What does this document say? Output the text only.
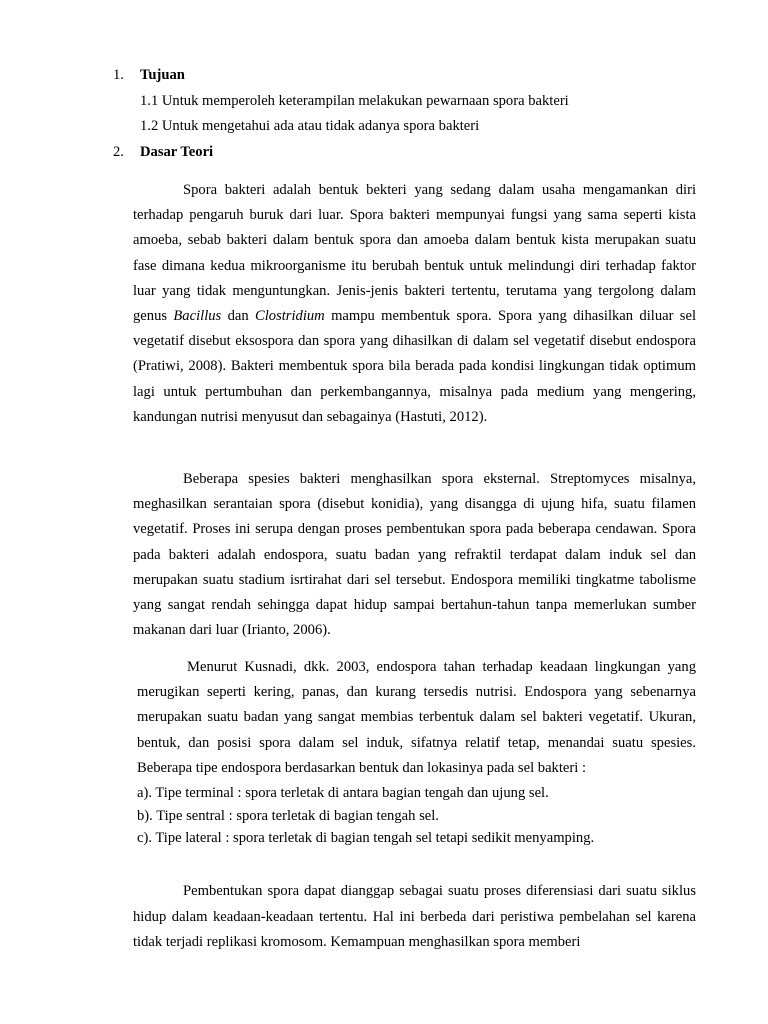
1. Tujuan
1.1 Untuk memperoleh keterampilan melakukan pewarnaan spora bakteri
1.2 Untuk mengetahui ada atau tidak adanya spora bakteri
2. Dasar Teori

Spora bakteri adalah bentuk bekteri yang sedang dalam usaha mengamankan diri terhadap pengaruh buruk dari luar. Spora bakteri mempunyai fungsi yang sama seperti kista amoeba, sebab bakteri dalam bentuk spora dan amoeba dalam bentuk kista merupakan suatu fase dimana kedua mikroorganisme itu berubah bentuk untuk melindungi diri terhadap faktor luar yang tidak menguntungkan. Jenis-jenis bakteri tertentu, terutama yang tergolong dalam genus Bacillus dan Clostridium mampu membentuk spora. Spora yang dihasilkan diluar sel vegetatif disebut eksospora dan spora yang dihasilkan di dalam sel vegetatif disebut endospora (Pratiwi, 2008). Bakteri membentuk spora bila berada pada kondisi lingkungan tidak optimum lagi untuk pertumbuhan dan perkembangannya, misalnya pada medium yang mengering, kandungan nutrisi menyusut dan sebagainya (Hastuti, 2012).

Beberapa spesies bakteri menghasilkan spora eksternal. Streptomyces misalnya, meghasilkan serantaian spora (disebut konidia), yang disangga di ujung hifa, suatu filamen vegetatif. Proses ini serupa dengan proses pembentukan spora pada beberapa cendawan. Spora pada bakteri adalah endospora, suatu badan yang refraktil terdapat dalam induk sel dan merupakan suatu stadium isrtirahat dari sel tersebut. Endospora memiliki tingkatme tabolisme yang sangat rendah sehingga dapat hidup sampai bertahun-tahun tanpa memerlukan sumber makanan dari luar (Irianto, 2006).

Menurut Kusnadi, dkk. 2003, endospora tahan terhadap keadaan lingkungan yang merugikan seperti kering, panas, dan kurang tersedis nutrisi. Endospora yang sebenarnya merupakan suatu badan yang sangat membias terbentuk dalam sel bakteri vegetatif. Ukuran, bentuk, dan posisi spora dalam sel induk, sifatnya relatif tetap, menandai suatu spesies. Beberapa tipe endospora berdasarkan bentuk dan lokasinya pada sel bakteri :

a). Tipe terminal : spora terletak di antara bagian tengah dan ujung sel.
b). Tipe sentral : spora terletak di bagian tengah sel.
c). Tipe lateral : spora terletak di bagian tengah sel tetapi sedikit menyamping.

Pembentukan spora dapat dianggap sebagai suatu proses diferensiasi dari suatu siklus hidup dalam keadaan-keadaan tertentu. Hal ini berbeda dari peristiwa pembelahan sel karena tidak terjadi replikasi kromosom. Kemampuan menghasilkan spora memberi
